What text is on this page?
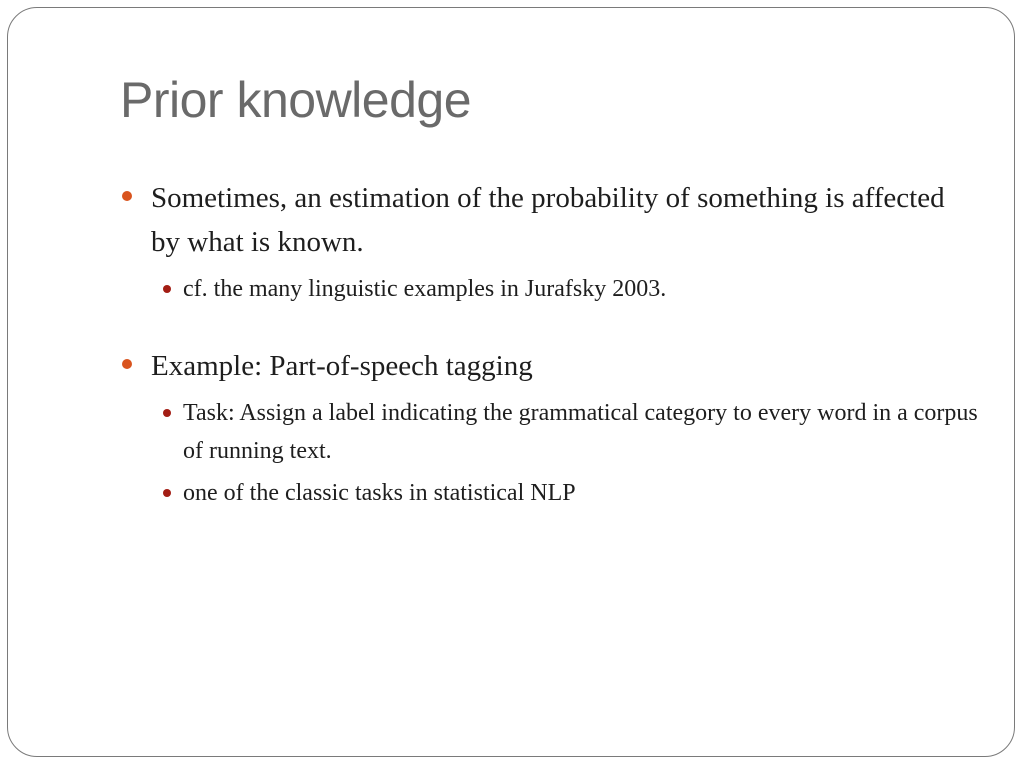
Prior knowledge
Sometimes, an estimation of the probability of something is affected by what is known.
cf. the many linguistic examples in Jurafsky 2003.
Example: Part-of-speech tagging
Task: Assign a label indicating the grammatical category to every word in a corpus of running text.
one of the classic tasks in statistical NLP
